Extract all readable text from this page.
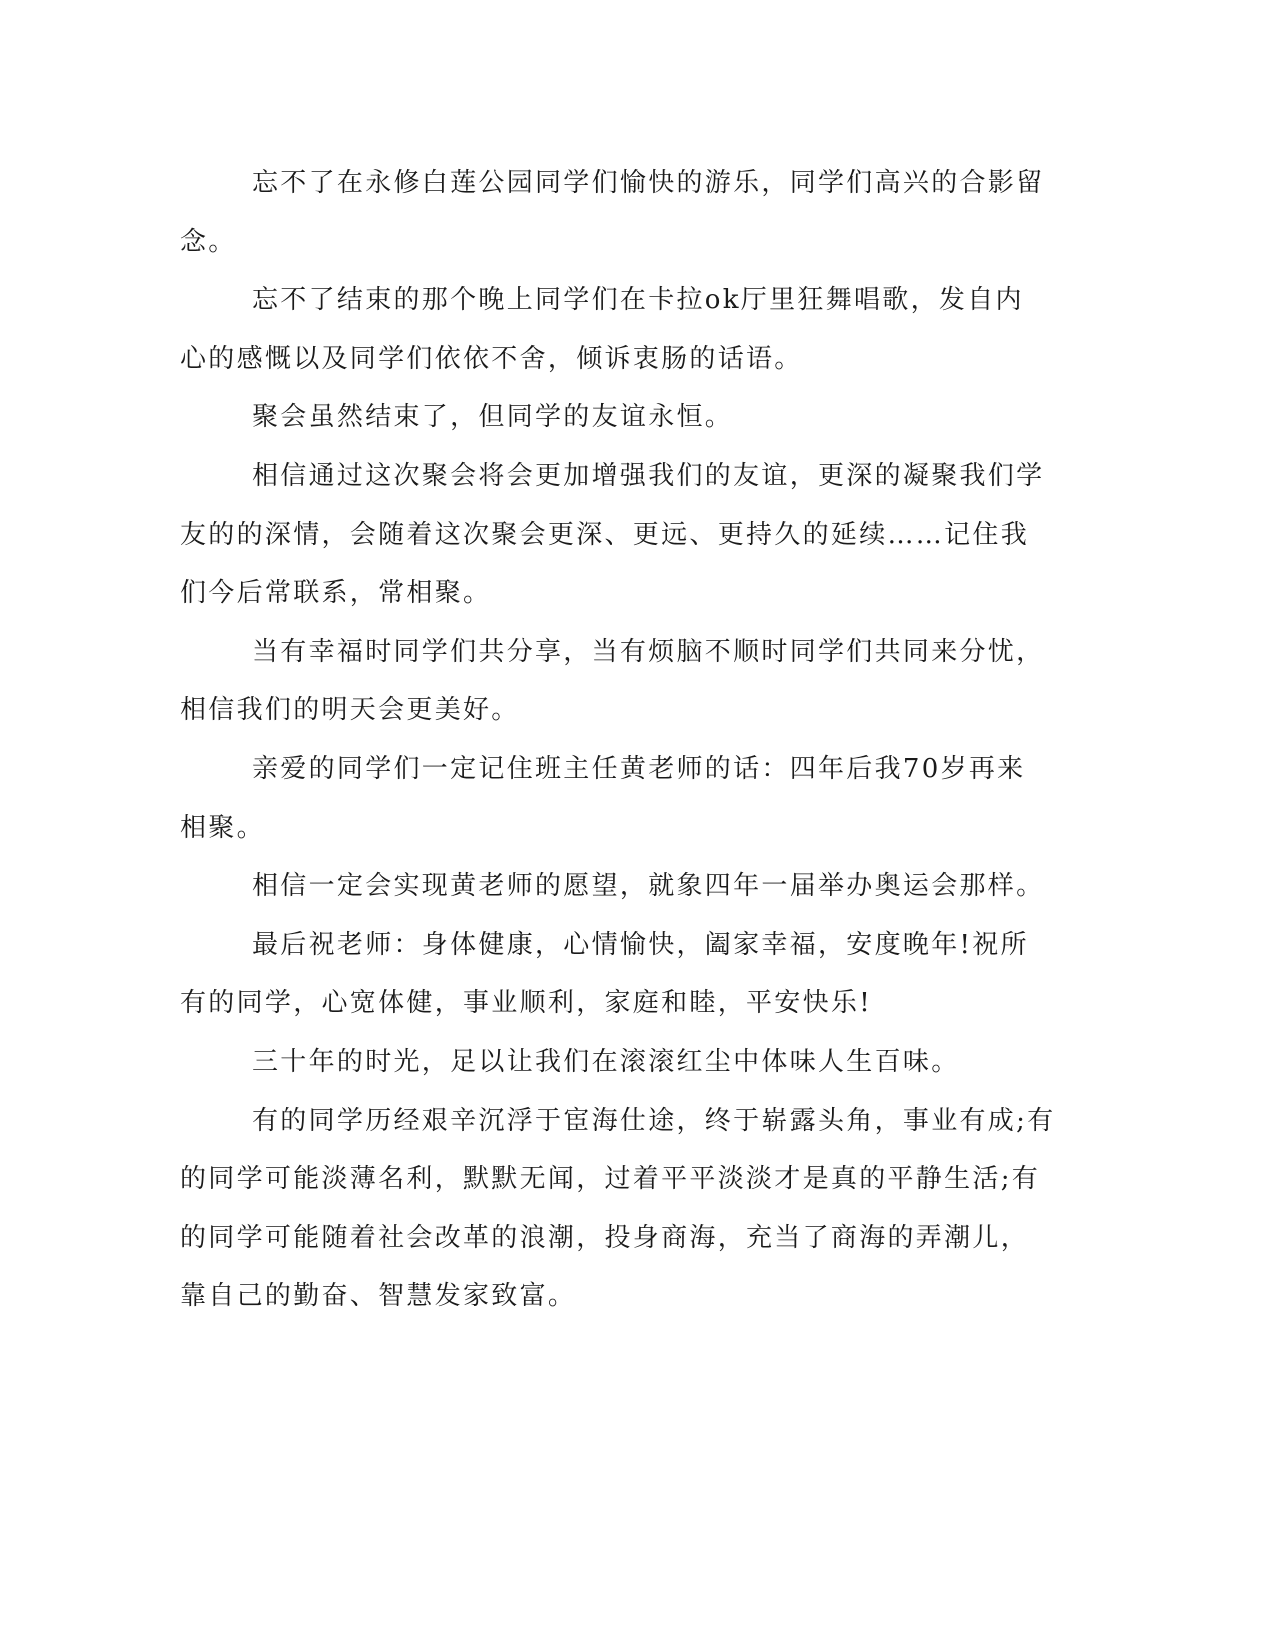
忘不了在永修白莲公园同学们愉快的游乐，同学们高兴的合影留
念。
忘不了结束的那个晚上同学们在卡拉ok厅里狂舞唱歌，发自内
心的感慨以及同学们依依不舍，倾诉衷肠的话语。
聚会虽然结束了，但同学的友谊永恒。
相信通过这次聚会将会更加增强我们的友谊，更深的凝聚我们学
友的的深情，会随着这次聚会更深、更远、更持久的延续……记住我
们今后常联系，常相聚。
当有幸福时同学们共分享，当有烦脑不顺时同学们共同来分忧，
相信我们的明天会更美好。
亲爱的同学们一定记住班主任黄老师的话：四年后我70岁再来
相聚。
相信一定会实现黄老师的愿望，就象四年一届举办奥运会那样。
最后祝老师：身体健康，心情愉快，阖家幸福，安度晚年!祝所
有的同学，心宽体健，事业顺利，家庭和睦，平安快乐!
三十年的时光，足以让我们在滚滚红尘中体味人生百味。
有的同学历经艰辛沉浮于宦海仕途，终于崭露头角，事业有成;有
的同学可能淡薄名利，默默无闻，过着平平淡淡才是真的平静生活;有
的同学可能随着社会改革的浪潮，投身商海，充当了商海的弄潮儿，
靠自己的勤奋、智慧发家致富。
